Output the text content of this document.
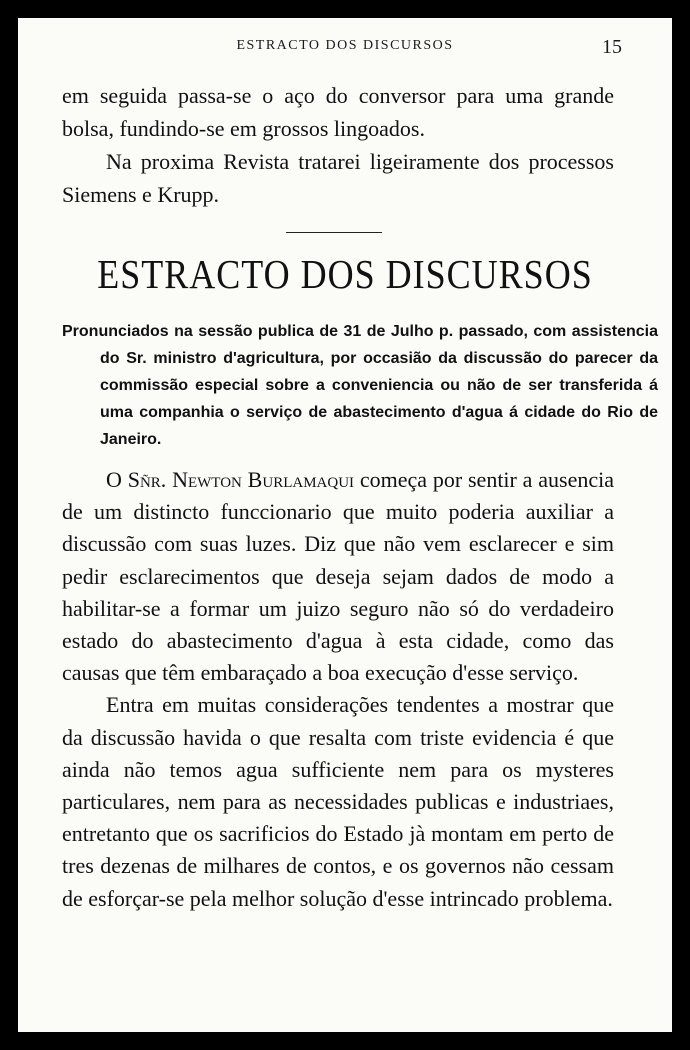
ESTRACTO DOS DISCURSOS	15

em seguida passa-se o aço do conversor para uma grande bolsa, fundindo-se em grossos lingoados.

Na proxima Revista tratarei ligeiramente dos processos Siemens e Krupp.

ESTRACTO DOS DISCURSOS
Pronunciados na sessão publica de 31 de Julho p. passado, com assistencia do Sr. ministro d'agricultura, por occasião da discussão do parecer da commissão especial sobre a conveniencia ou não de ser transferida á uma companhia o serviço de abastecimento d'agua á cidade do Rio de Janeiro.

O Sñr. Newton Burlamaqui começa por sentir a ausencia de um distincto funccionario que muito poderia auxiliar a discussão com suas luzes. Diz que não vem esclarecer e sim pedir esclarecimentos que deseja sejam dados de modo a habilitar-se a formar um juizo seguro não só do verdadeiro estado do abastecimento d'agua à esta cidade, como das causas que têm embaraçado a boa execução d'esse serviço.

Entra em muitas considerações tendentes a mostrar que da discussão havida o que resalta com triste evidencia é que ainda não temos agua sufficiente nem para os mysteres particulares, nem para as necessidades publicas e industriaes, entretanto que os sacrificios do Estado jà montam em perto de tres dezenas de milhares de contos, e os governos não cessam de esforçar-se pela melhor solução d'esse intrincado problema.
